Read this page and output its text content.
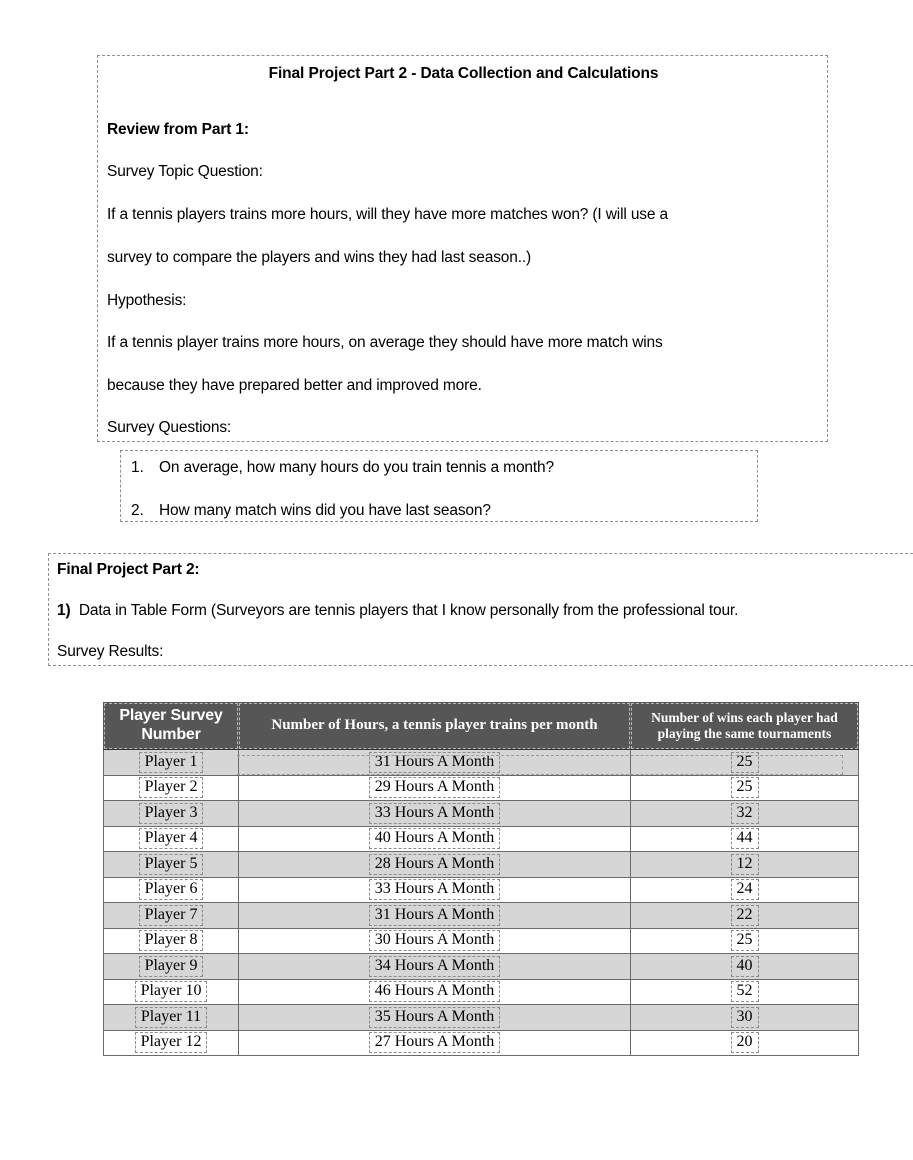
Final Project Part 2 - Data Collection and Calculations
Review from Part 1:
Survey Topic Question:
If a tennis players trains more hours, will they have more matches won? (I will use a
survey to compare the players and wins they had last season..)
Hypothesis:
If a tennis player trains more hours, on average they should have more match wins
because they have prepared better and improved more.
Survey Questions:
1. On average, how many hours do you train tennis a month?
2. How many match wins did you have last season?
Final Project Part 2:
1) Data in Table Form (Surveyors are tennis players that I know personally from the professional tour.
Survey Results:
Player Survey Number	Number of Hours, a tennis player trains per month	Number of wins each player had playing the same tournaments

Player 1	31 Hours A Month	25
Player 2	29 Hours A Month	25
Player 3	33 Hours A Month	32
Player 4	40 Hours A Month	44
Player 5	28 Hours A Month	12
Player 6	33 Hours A Month	24
Player 7	31 Hours A Month	22
Player 8	30 Hours A Month	25
Player 9	34 Hours A Month	40
Player 10	46 Hours A Month	52
Player 11	35 Hours A Month	30
Player 12	27 Hours A Month	20
